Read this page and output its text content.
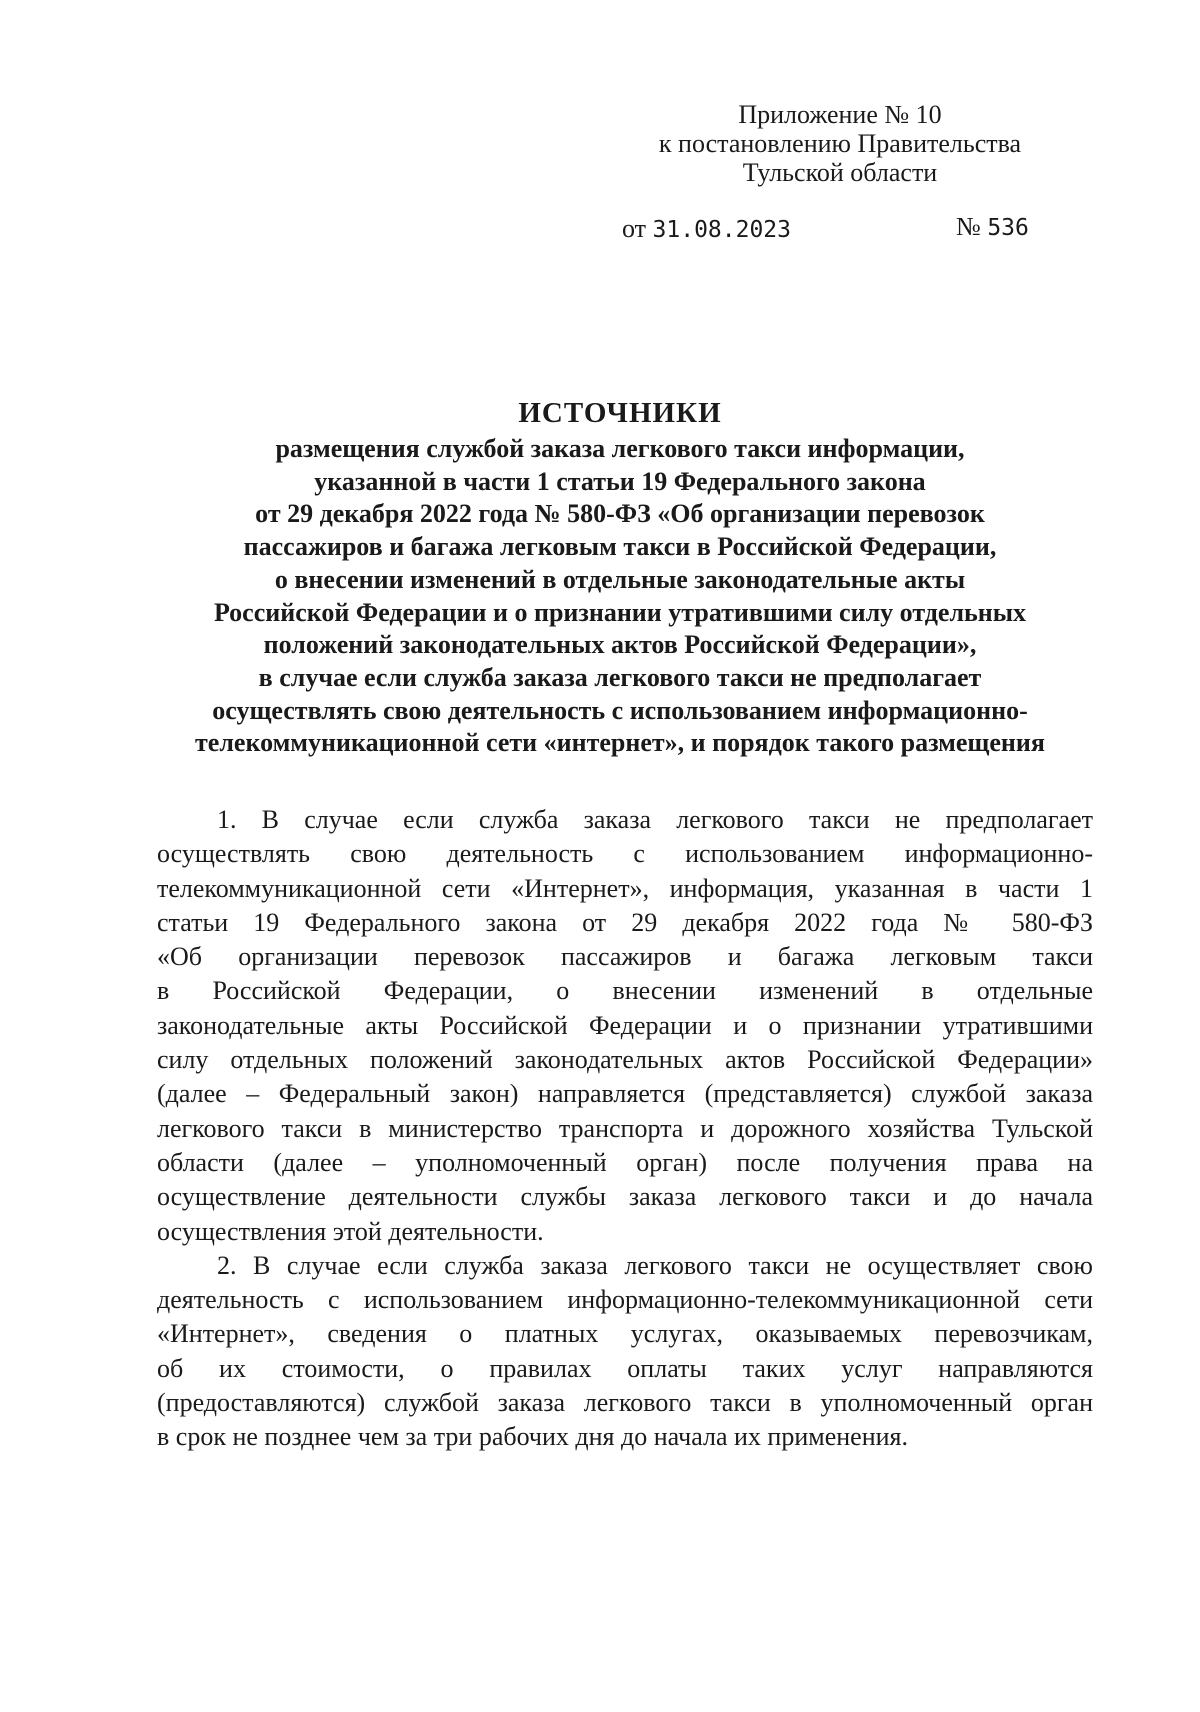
Приложение № 10
к постановлению Правительства
Тульской области
от 31.08.2023	№ 536
ИСТОЧНИКИ
размещения службой заказа легкового такси информации,
указанной в части 1 статьи 19 Федерального закона
от 29 декабря 2022 года № 580-ФЗ «Об организации перевозок
пассажиров и багажа легковым такси в Российской Федерации,
о внесении изменений в отдельные законодательные акты
Российской Федерации и о признании утратившими силу отдельных
положений законодательных актов Российской Федерации»,
в случае если служба заказа легкового такси не предполагает
осуществлять свою деятельность с использованием информационно-
телекоммуникационной сети «интернет», и порядок такого размещения
1. В случае если служба заказа легкового такси не предполагает
осуществлять свою деятельность с использованием информационно-
телекоммуникационной сети «Интернет», информация, указанная в части 1
статьи 19 Федерального закона от 29 декабря 2022 года № 580-ФЗ
«Об организации перевозок пассажиров и багажа легковым такси
в Российской Федерации, о внесении изменений в отдельные
законодательные акты Российской Федерации и о признании утратившими
силу отдельных положений законодательных актов Российской Федерации»
(далее – Федеральный закон) направляется (представляется) службой заказа
легкового такси в министерство транспорта и дорожного хозяйства Тульской
области (далее – уполномоченный орган) после получения права на
осуществление деятельности службы заказа легкового такси и до начала
осуществления этой деятельности.
2. В случае если служба заказа легкового такси не осуществляет свою
деятельность с использованием информационно-телекоммуникационной сети
«Интернет», сведения о платных услугах, оказываемых перевозчикам,
об их стоимости, о правилах оплаты таких услуг направляются
(предоставляются) службой заказа легкового такси в уполномоченный орган
в срок не позднее чем за три рабочих дня до начала их применения.
